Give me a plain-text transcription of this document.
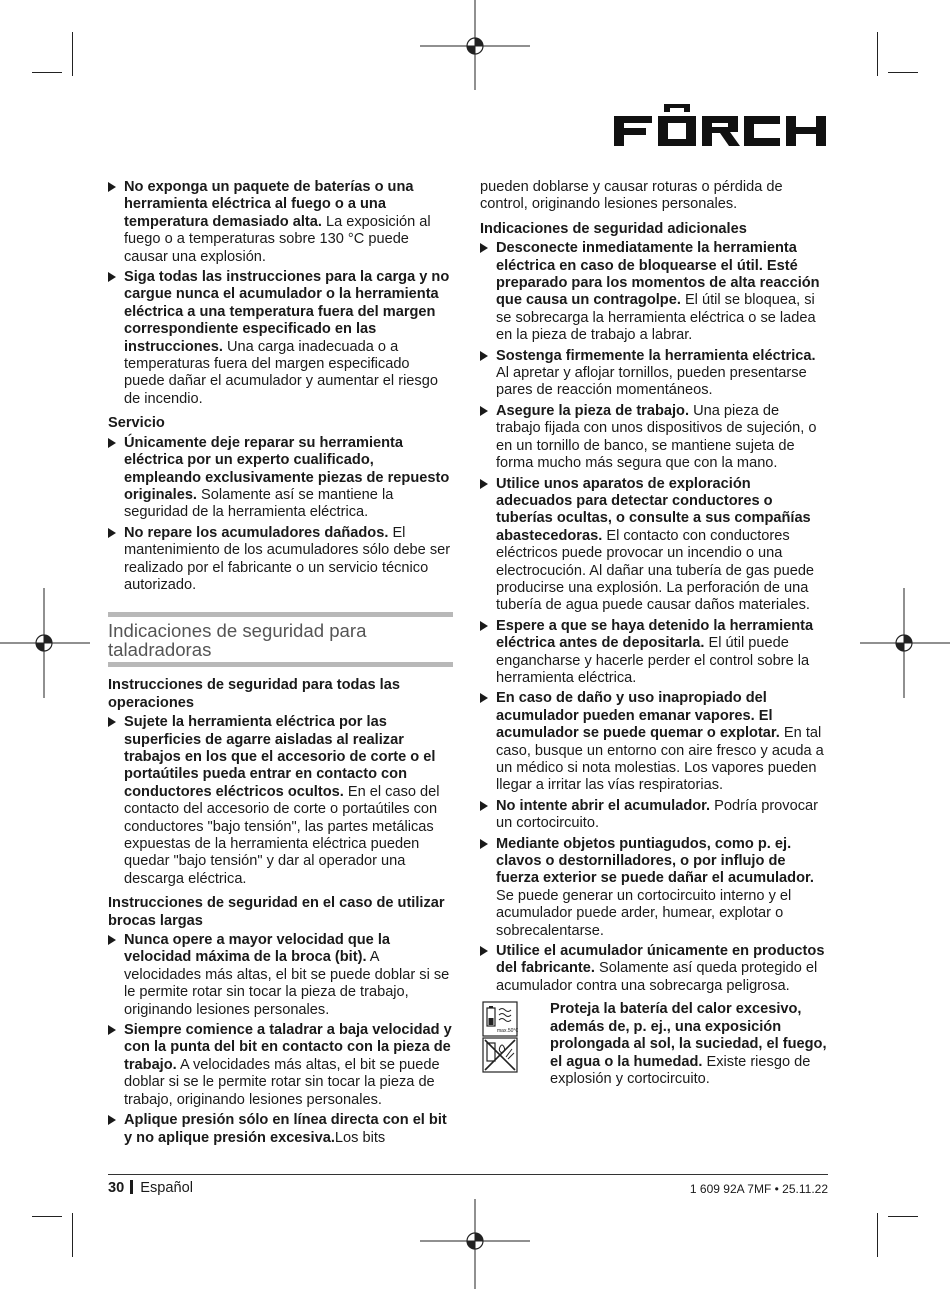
No exponga un paquete de baterías o una herramienta eléctrica al fuego o a una temperatura demasiado alta. La exposición al fuego o a temperaturas sobre 130 °C puede causar una explosión.

Siga todas las instrucciones para la carga y no cargue nunca el acumulador o la herramienta eléctrica a una temperatura fuera del margen correspondiente especificado en las instrucciones. Una carga inadecuada o a temperaturas fuera del margen especificado puede dañar el acumulador y aumentar el riesgo de incendio.

Servicio

Únicamente deje reparar su herramienta eléctrica por un experto cualificado, empleando exclusivamente piezas de repuesto originales. Solamente así se mantiene la seguridad de la herramienta eléctrica.

No repare los acumuladores dañados. El mantenimiento de los acumuladores sólo debe ser realizado por el fabricante o un servicio técnico autorizado.

Indicaciones de seguridad para taladradoras
Instrucciones de seguridad para todas las operaciones

Sujete la herramienta eléctrica por las superficies de agarre aisladas al realizar trabajos en los que el accesorio de corte o el portaútiles pueda entrar en contacto con conductores eléctricos ocultos. En el caso del contacto del accesorio de corte o portaútiles con conductores "bajo tensión", las partes metálicas expuestas de la herramienta eléctrica pueden quedar "bajo tensión" y dar al operador una descarga eléctrica.

Instrucciones de seguridad en el caso de utilizar brocas largas

Nunca opere a mayor velocidad que la velocidad máxima de la broca (bit). A velocidades más altas, el bit se puede doblar si se le permite rotar sin tocar la pieza de trabajo, originando lesiones personales.

Siempre comience a taladrar a baja velocidad y con la punta del bit en contacto con la pieza de trabajo. A velocidades más altas, el bit se puede doblar si se le permite rotar sin tocar la pieza de trabajo, originando lesiones personales.

Aplique presión sólo en línea directa con el bit y no aplique presión excesiva.Los bits

pueden doblarse y causar roturas o pérdida de control, originando lesiones personales.

Indicaciones de seguridad adicionales

Desconecte inmediatamente la herramienta eléctrica en caso de bloquearse el útil. Esté preparado para los momentos de alta reacción que causa un contragolpe. El útil se bloquea, si se sobrecarga la herramienta eléctrica o se ladea en la pieza de trabajo a labrar.

Sostenga firmemente la herramienta eléctrica. Al apretar y aflojar tornillos, pueden presentarse pares de reacción momentáneos.

Asegure la pieza de trabajo. Una pieza de trabajo fijada con unos dispositivos de sujeción, o en un tornillo de banco, se mantiene sujeta de forma mucho más segura que con la mano.

Utilice unos aparatos de exploración adecuados para detectar conductores o tuberías ocultas, o consulte a sus compañías abastecedoras. El contacto con conductores eléctricos puede provocar un incendio o una electrocución. Al dañar una tubería de gas puede producirse una explosión. La perforación de una tubería de agua puede causar daños materiales.

Espere a que se haya detenido la herramienta eléctrica antes de depositarla. El útil puede engancharse y hacerle perder el control sobre la herramienta eléctrica.

En caso de daño y uso inapropiado del acumulador pueden emanar vapores. El acumulador se puede quemar o explotar. En tal caso, busque un entorno con aire fresco y acuda a un médico si nota molestias. Los vapores pueden llegar a irritar las vías respiratorias.

No intente abrir el acumulador. Podría provocar un cortocircuito.

Mediante objetos puntiagudos, como p. ej. clavos o destornilladores, o por influjo de fuerza exterior se puede dañar el acumulador. Se puede generar un cortocircuito interno y el acumulador puede arder, humear, explotar o sobrecalentarse.

Utilice el acumulador únicamente en productos del fabricante. Solamente así queda protegido el acumulador contra una sobrecarga peligrosa.

max.50°C

Proteja la batería del calor excesivo, además de, p. ej., una exposición prolongada al sol, la suciedad, el fuego, el agua o la humedad. Existe riesgo de explosión y cortocircuito.

30 Español	1 609 92A 7MF • 25.11.22
